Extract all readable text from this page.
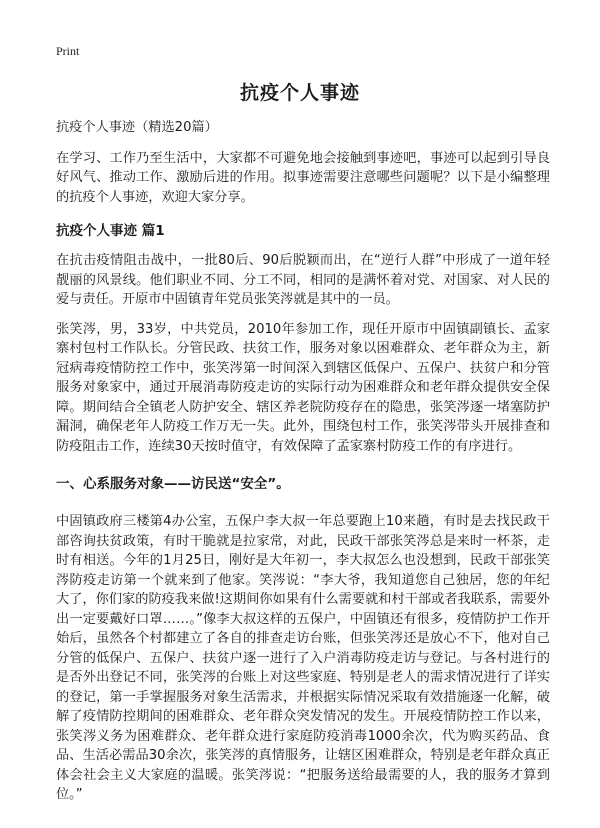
Print
抗疫个人事迹

抗疫个人事迹（精选20篇）

在学习、工作乃至生活中，大家都不可避免地会接触到事迹吧，事迹可以起到引导良好风气、推动工作、激励后进的作用。拟事迹需要注意哪些问题呢？以下是小编整理的抗疫个人事迹，欢迎大家分享。

抗疫个人事迹 篇1

在抗击疫情阻击战中，一批80后、90后脱颖而出，在“逆行人群”中形成了一道年轻靓丽的风景线。他们职业不同、分工不同，相同的是满怀着对党、对国家、对人民的爱与责任。开原市中固镇青年党员张笑涔就是其中的一员。

张笑涔，男，33岁，中共党员，2010年参加工作，现任开原市中固镇副镇长、孟家寨村包村工作队长。分管民政、扶贫工作，服务对象以困难群众、老年群众为主，新冠病毒疫情防控工作中，张笑涔第一时间深入到辖区低保户、五保户、扶贫户和分管服务对象家中，通过开展消毒防疫走访的实际行动为困难群众和老年群众提供安全保障。期间结合全镇老人防护安全、辖区养老院防疫存在的隐患，张笑涔逐一堵塞防护漏洞，确保老年人防疫工作万无一失。此外，围绕包村工作，张笑涔带头开展排查和防疫阻击工作，连续30天按时值守，有效保障了孟家寨村防疫工作的有序进行。

一、心系服务对象——访民送“安全”。

中固镇政府三楼第4办公室，五保户李大叔一年总要跑上10来趟，有时是去找民政干部咨询扶贫政策，有时干脆就是拉家常，对此，民政干部张笑涔总是来时一杯茶，走时有相送。今年的1月25日，刚好是大年初一，李大叔怎么也没想到，民政干部张笑涔防疫走访第一个就来到了他家。笑涔说：“李大爷，我知道您自己独居，您的年纪大了，你们家的防疫我来做!这期间你如果有什么需要就和村干部或者我联系，需要外出一定要戴好口罩……。”像李大叔这样的五保户，中固镇还有很多，疫情防护工作开始后，虽然各个村都建立了各自的排查走访台账，但张笑涔还是放心不下，他对自己分管的低保户、五保户、扶贫户逐一进行了入户消毒防疫走访与登记。与各村进行的是否外出登记不同，张笑涔的台账上对这些家庭、特别是老人的需求情况进行了详实的登记，第一手掌握服务对象生活需求，并根据实际情况采取有效措施逐一化解，破解了疫情防控期间的困难群众、老年群众突发情况的发生。开展疫情防控工作以来，张笑涔义务为困难群众、老年群众进行家庭防疫消毒1000余次，代为购买药品、食品、生活必需品30余次，张笑涔的真情服务，让辖区困难群众，特别是老年群众真正体会社会主义大家庭的温暖。张笑涔说：“把服务送给最需要的人，我的服务才算到位。”
